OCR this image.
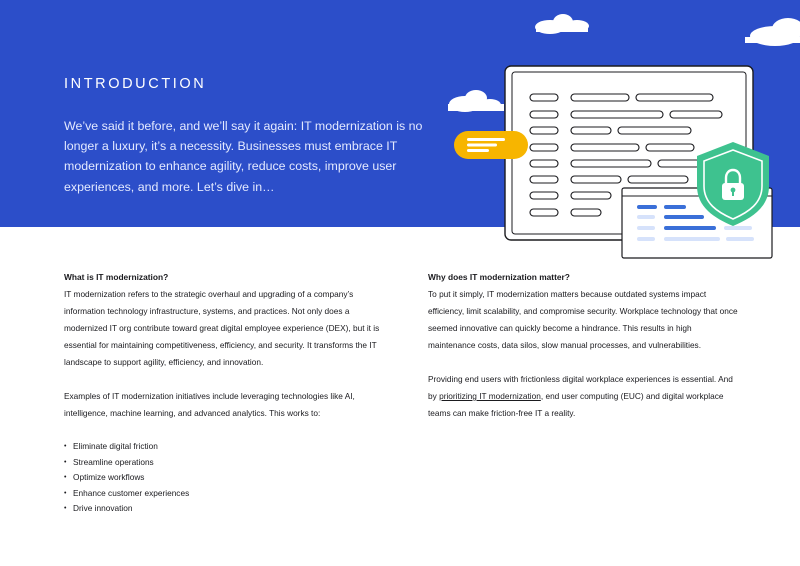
INTRODUCTION

We’ve said it before, and we’ll say it again: IT modernization is no longer a luxury, it’s a necessity. Businesses must embrace IT modernization to enhance agility, reduce costs, improve user experiences, and more. Let’s dive in…

What is IT modernization?

IT modernization refers to the strategic overhaul and upgrading of a company’s information technology infrastructure, systems, and practices. Not only does a modernized IT org contribute toward great digital employee experience (DEX), but it is essential for maintaining competitiveness, efficiency, and security. It transforms the IT landscape to support agility, efficiency, and innovation.

Examples of IT modernization initiatives include leveraging technologies like AI, intelligence, machine learning, and advanced analytics. This works to:

• Eliminate digital friction
• Streamline operations
• Optimize workflows
• Enhance customer experiences
• Drive innovation
Why does IT modernization matter?

To put it simply, IT modernization matters because outdated systems impact efficiency, limit scalability, and compromise security. Workplace technology that once seemed innovative can quickly become a hindrance. This results in high maintenance costs, data silos, slow manual processes, and vulnerabilities.

Providing end users with frictionless digital workplace experiences is essential. And by prioritizing IT modernization, end user computing (EUC) and digital workplace teams can make friction-free IT a reality.
